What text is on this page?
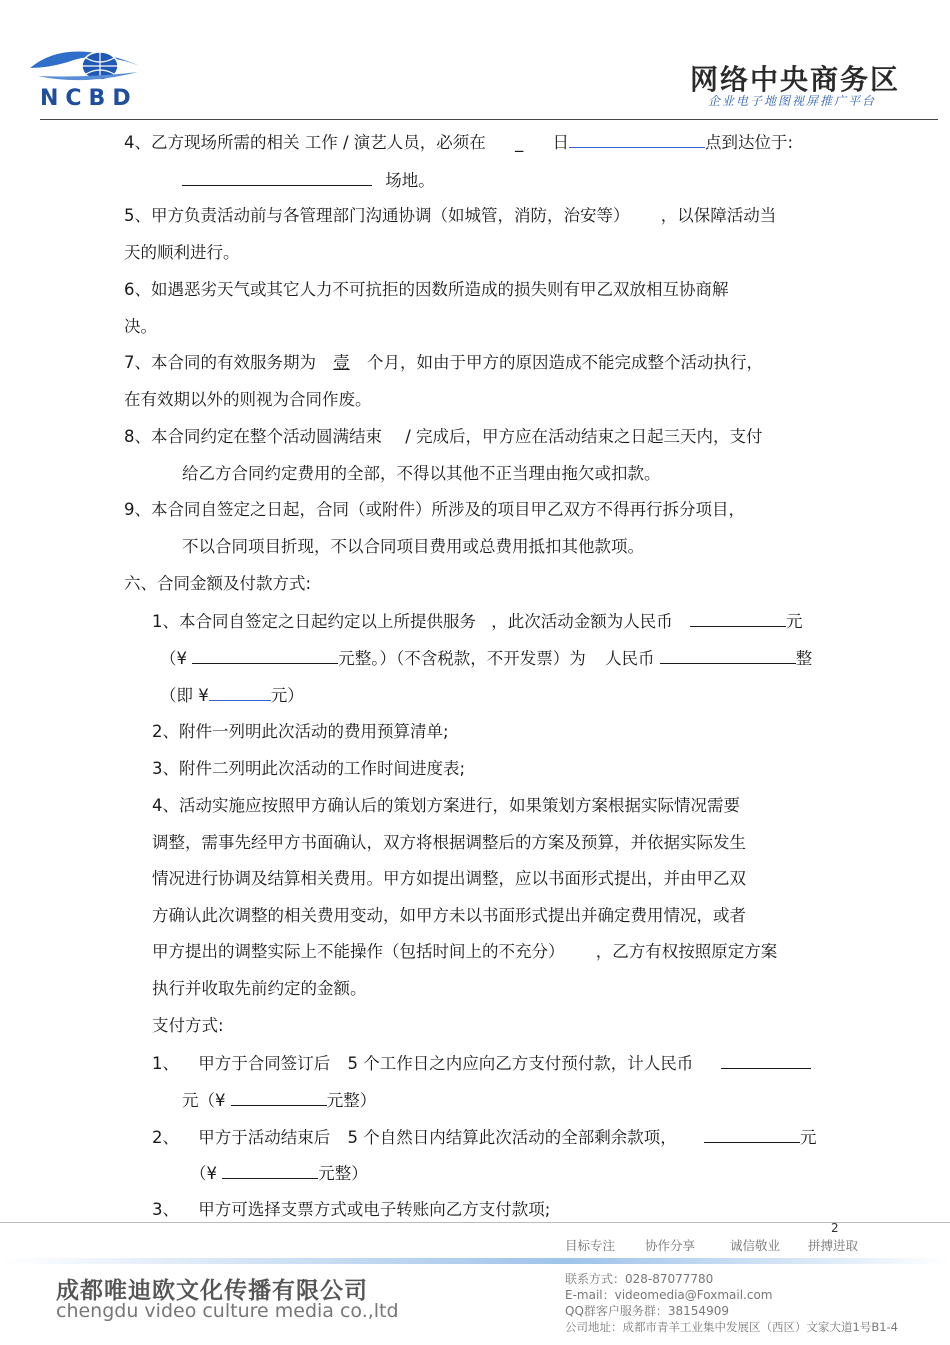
NCBD
网络中央商务区
企业电子地图视屏推广平台
4、乙方现场所需的相关 工作 / 演艺人员，必须在 _ 日	点到达位于:
场地。
5、甲方负责活动前与各管理部门沟通协调（如城管，消防，治安等） ，以保障活动当
天的顺利进行。
6、如遇恶劣天气或其它人力不可抗拒的因数所造成的损失则有甲乙双放相互协商解
决。
7、本合同的有效服务期为 壹 个月，如由于甲方的原因造成不能完成整个活动执行，
在有效期以外的则视为合同作废。
8、本合同约定在整个活动圆满结束 / 完成后，甲方应在活动结束之日起三天内，支付
给乙方合同约定费用的全部，不得以其他不正当理由拖欠或扣款。
9、本合同自签定之日起，合同（或附件）所涉及的项目甲乙双方不得再行拆分项目，
不以合同项目折现，不以合同项目费用或总费用抵扣其他款项。
六、合同金额及付款方式:
1、本合同自签定之日起约定以上所提供服务 ，此次活动金额为人民币	元
（¥	元整。）（不含税款，不开发票）为 人民币	整
（即 ¥	元）
2、附件一列明此次活动的费用预算清单;
3、附件二列明此次活动的工作时间进度表;
4、活动实施应按照甲方确认后的策划方案进行，如果策划方案根据实际情况需要
调整，需事先经甲方书面确认，双方将根据调整后的方案及预算，并依据实际发生
情况进行协调及结算相关费用。甲方如提出调整，应以书面形式提出，并由甲乙双
方确认此次调整的相关费用变动，如甲方未以书面形式提出并确定费用情况，或者
甲方提出的调整实际上不能操作（包括时间上的不充分） ，乙方有权按照原定方案
执行并收取先前约定的金额。
支付方式:
1、 甲方于合同签订后 5 个工作日之内应向乙方支付预付款，计人民币
元（¥	元整）
2、 甲方于活动结束后 5 个自然日内结算此次活动的全部剩余款项，	元
（¥	元整）
3、 甲方可选择支票方式或电子转账向乙方支付款项;
2
目标专注 协作分享	诚信敬业 拼搏进取
成都唯迪欧文化传播有限公司
chengdu video culture media co.,ltd
联系方式：028-87077780
E-mail：videomedia@Foxmail.com
QQ群客户服务群：38154909
公司地址：成都市青羊工业集中发展区（西区）文家大道1号B1-4
